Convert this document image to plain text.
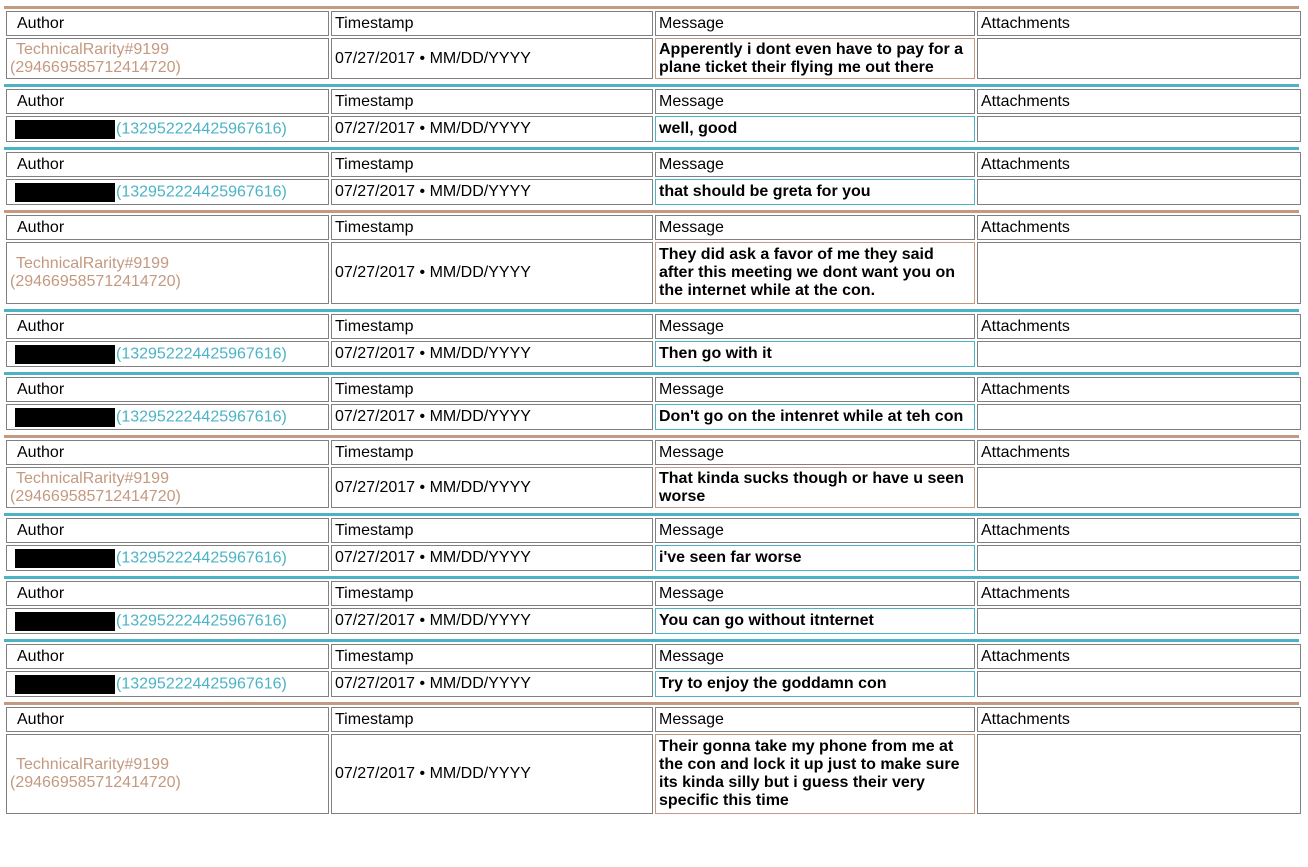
Author	Timestamp	Message	Attachments

TechnicalRarity#9199
(294669585712414720)	07/27/2017 • MM/DD/YYYY	Apperently i dont even have to pay for a plane ticket their flying me out there	
Author	Timestamp	Message	Attachments
(132952224425967616)	07/27/2017 • MM/DD/YYYY	well, good	
Author	Timestamp	Message	Attachments
(132952224425967616)	07/27/2017 • MM/DD/YYYY	that should be greta for you	
Author	Timestamp	Message	Attachments

TechnicalRarity#9199
(294669585712414720)	07/27/2017 • MM/DD/YYYY	They did ask a favor of me they said after this meeting we dont want you on the internet while at the con.	
Author	Timestamp	Message	Attachments
(132952224425967616)	07/27/2017 • MM/DD/YYYY	Then go with it	
Author	Timestamp	Message	Attachments
(132952224425967616)	07/27/2017 • MM/DD/YYYY	Don't go on the intenret while at teh con	
Author	Timestamp	Message	Attachments

TechnicalRarity#9199
(294669585712414720)	07/27/2017 • MM/DD/YYYY	That kinda sucks though or have u seen worse	
Author	Timestamp	Message	Attachments
(132952224425967616)	07/27/2017 • MM/DD/YYYY	i've seen far worse	
Author	Timestamp	Message	Attachments
(132952224425967616)	07/27/2017 • MM/DD/YYYY	You can go without itnternet	
Author	Timestamp	Message	Attachments
(132952224425967616)	07/27/2017 • MM/DD/YYYY	Try to enjoy the goddamn con	
Author	Timestamp	Message	Attachments

TechnicalRarity#9199
(294669585712414720)	07/27/2017 • MM/DD/YYYY	Their gonna take my phone from me at the con and lock it up just to make sure its kinda silly but i guess their very specific this time	
